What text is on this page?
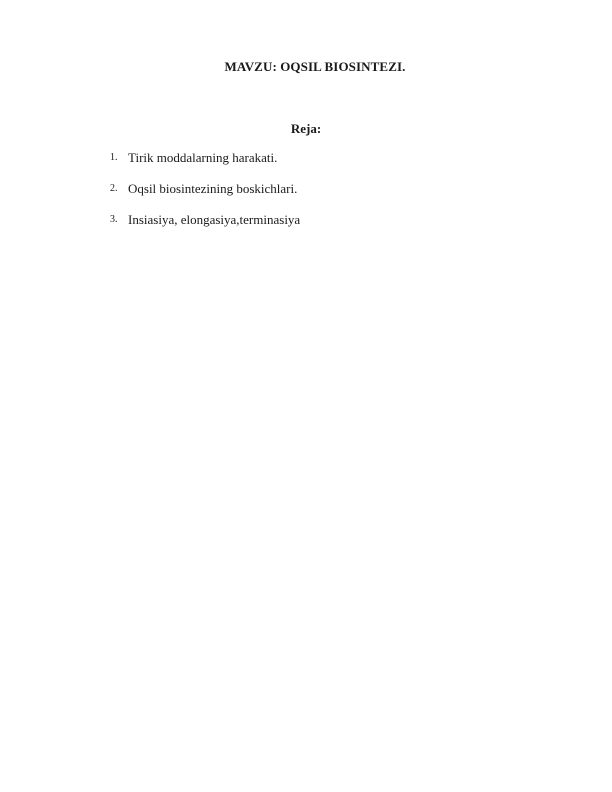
MAVZU: OQSIL BIOSINTEZI.
Reja:
1. Tirik moddalarning harakati.
2. Oqsil biosintezining boskichlari.
3. Insiasiya, elongasiya,terminasiya
